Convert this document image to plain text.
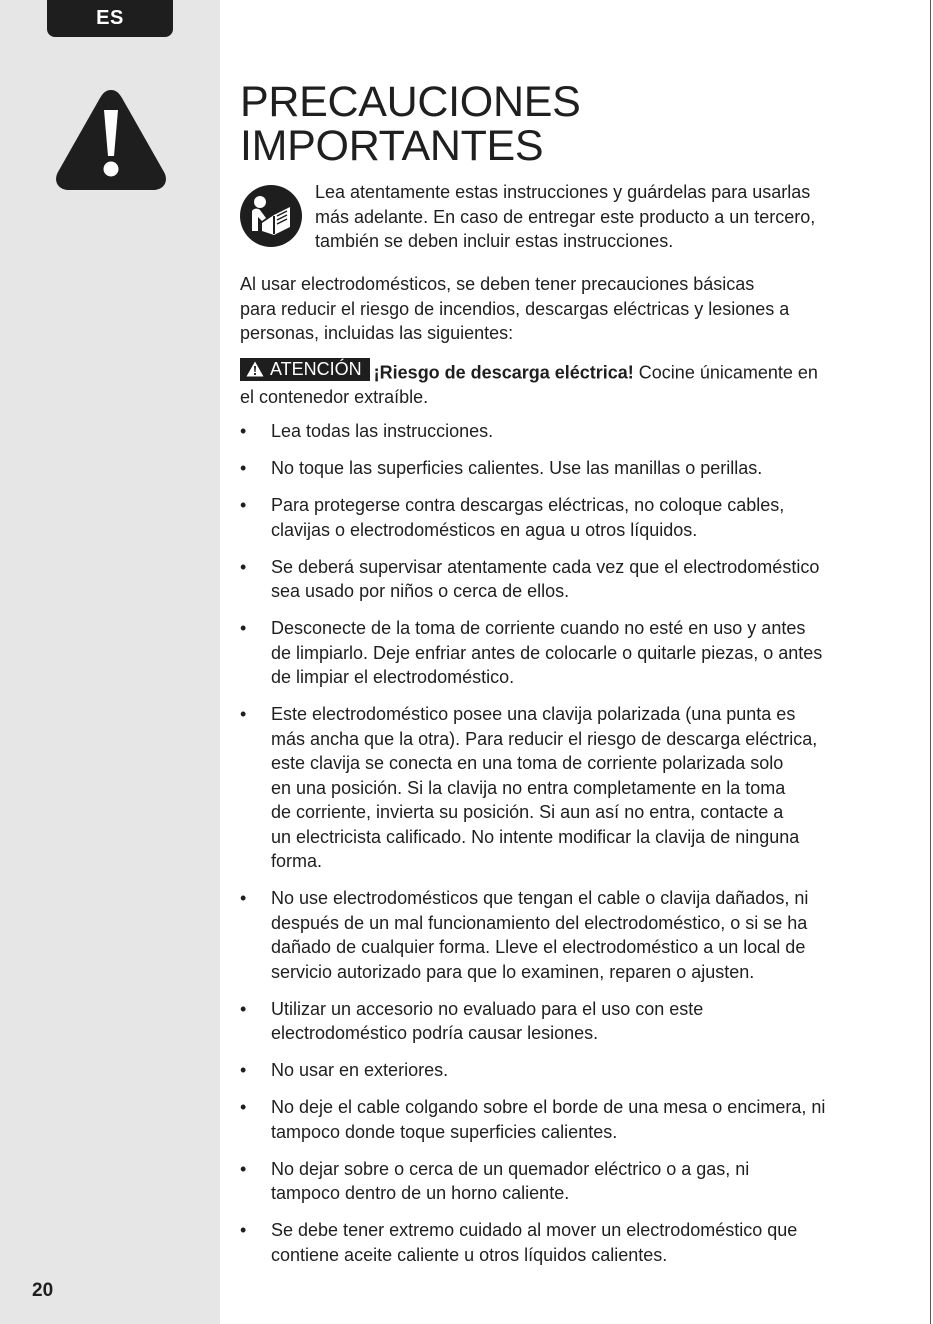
ES
20
PRECAUCIONES
IMPORTANTES
Lea atentamente estas instrucciones y guárdelas para usarlas
más adelante. En caso de entregar este producto a un tercero,
también se deben incluir estas instrucciones.

Al usar electrodomésticos, se deben tener precauciones básicas
para reducir el riesgo de incendios, descargas eléctricas y lesiones a
personas, incluidas las siguientes:

ATENCIÓN ¡Riesgo de descarga eléctrica! Cocine únicamente en
el contenedor extraíble.

• Lea todas las instrucciones.
• No toque las superficies calientes. Use las manillas o perillas.
• Para protegerse contra descargas eléctricas, no coloque cables,
clavijas o electrodomésticos en agua u otros líquidos.
• Se deberá supervisar atentamente cada vez que el electrodoméstico
sea usado por niños o cerca de ellos.
• Desconecte de la toma de corriente cuando no esté en uso y antes
de limpiarlo. Deje enfriar antes de colocarle o quitarle piezas, o antes
de limpiar el electrodoméstico.
• Este electrodoméstico posee una clavija polarizada (una punta es
más ancha que la otra). Para reducir el riesgo de descarga eléctrica,
este clavija se conecta en una toma de corriente polarizada solo
en una posición. Si la clavija no entra completamente en la toma
de corriente, invierta su posición. Si aun así no entra, contacte a
un electricista calificado. No intente modificar la clavija de ninguna
forma.
• No use electrodomésticos que tengan el cable o clavija dañados, ni
después de un mal funcionamiento del electrodoméstico, o si se ha
dañado de cualquier forma. Lleve el electrodoméstico a un local de
servicio autorizado para que lo examinen, reparen o ajusten.
• Utilizar un accesorio no evaluado para el uso con este
electrodoméstico podría causar lesiones.
• No usar en exteriores.
• No deje el cable colgando sobre el borde de una mesa o encimera, ni
tampoco donde toque superficies calientes.
• No dejar sobre o cerca de un quemador eléctrico o a gas, ni
tampoco dentro de un horno caliente.
• Se debe tener extremo cuidado al mover un electrodoméstico que
contiene aceite caliente u otros líquidos calientes.
